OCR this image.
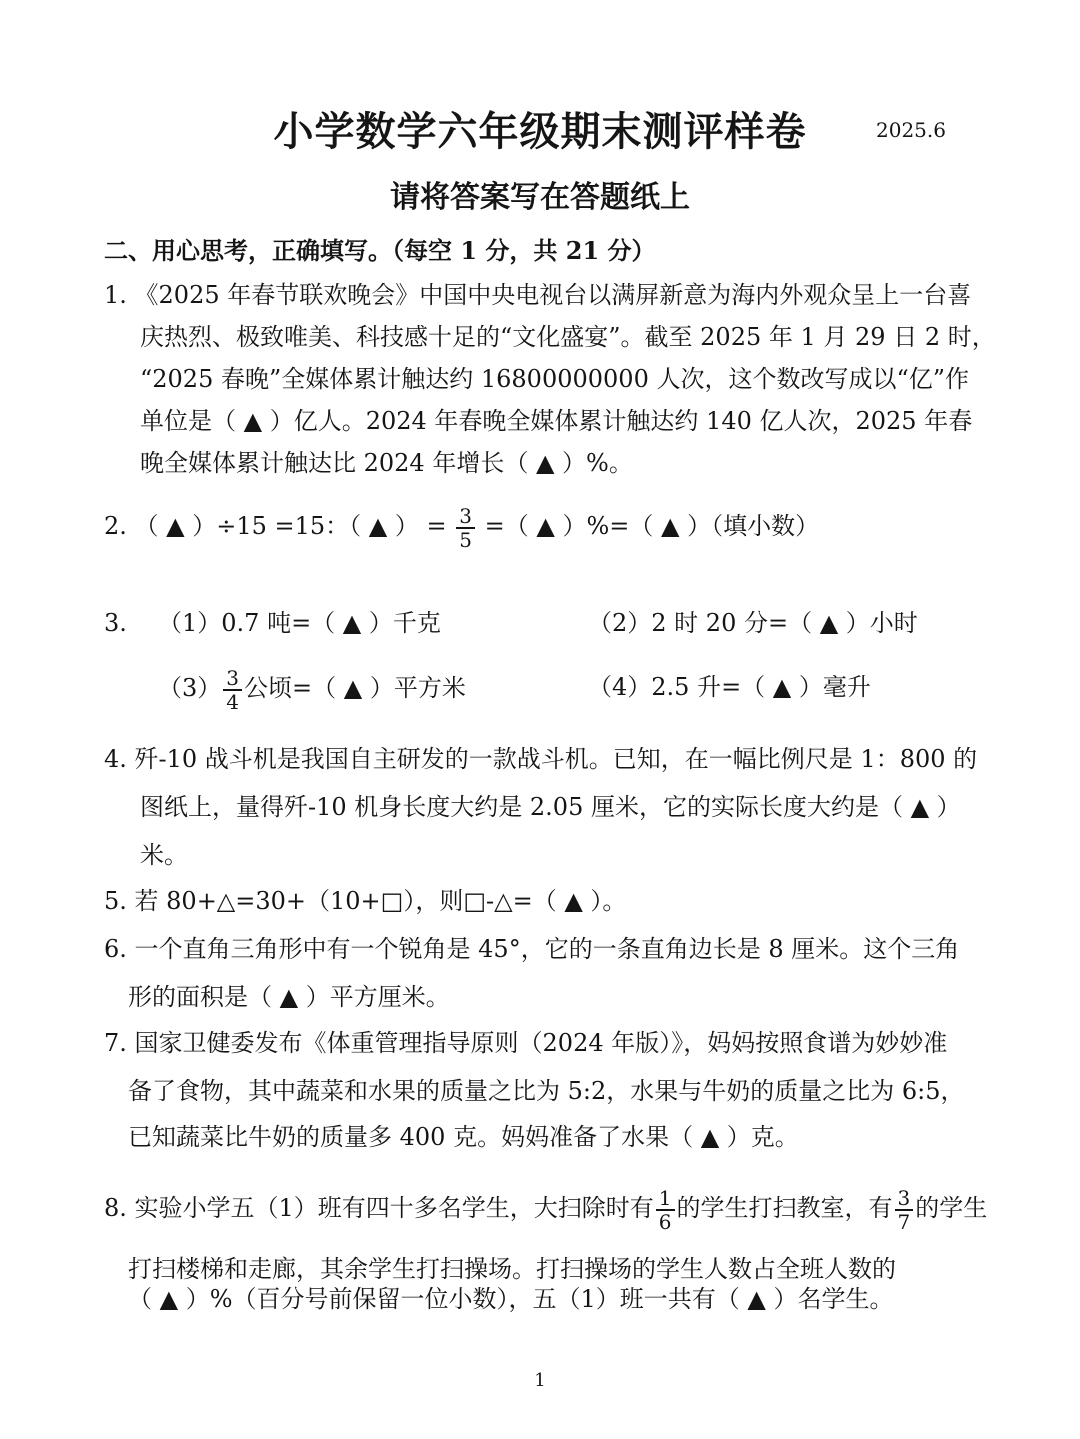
小学数学六年级期末测评样卷	2025.6
请将答案写在答题纸上
二、用心思考，正确填写。（每空 1 分，共 21 分）
1. 《2025 年春节联欢晚会》中国中央电视台以满屏新意为海内外观众呈上一台喜
庆热烈、极致唯美、科技感十足的“文化盛宴”。截至 2025 年 1 月 29 日 2 时，
“2025 春晚”全媒体累计触达约 16800000000 人次，这个数改写成以“亿”作
单位是（ ▲ ）亿人。2024 年春晚全媒体累计触达约 140 亿人次，2025 年春
晚全媒体累计触达比 2024 年增长（ ▲ ）%。
2. （ ▲ ）÷15 =15：（ ▲ ） = $\frac{3}{5}$ =（ ▲ ）%=（ ▲ ）（填小数）
3. （1）0.7 吨=（ ▲ ）千克	（2）2 时 20 分=（ ▲ ）小时
$(3) \frac{3}{4}$ 公顷=（ ▲ ）平方米	（4）2.5 升=（ ▲ ）毫升
4. 歼-10 战斗机是我国自主研发的一款战斗机。已知，在一幅比例尺是 1：800 的
图纸上，量得歼-10 机身长度大约是 2.05 厘米，它的实际长度大约是（ ▲ ）
米。
5. 若 80+△=30+（10+□），则□-△=（ ▲ ）。
6. 一个直角三角形中有一个锐角是 45°，它的一条直角边长是 8 厘米。这个三角
形的面积是（ ▲ ）平方厘米。
7. 国家卫健委发布《体重管理指导原则（2024 年版）》，妈妈按照食谱为妙妙准
备了食物，其中蔬菜和水果的质量之比为 5:2，水果与牛奶的质量之比为 6:5，
已知蔬菜比牛奶的质量多 400 克。妈妈准备了水果（ ▲ ）克。
8. 实验小学五（1）班有四十多名学生，大扫除时有 $\frac{1}{6}$ 的学生打扫教室，有 $\frac{3}{7}$ 的学生
打扫楼梯和走廊，其余学生打扫操场。打扫操场的学生人数占全班人数的
（ ▲ ）%（百分号前保留一位小数），五（1）班一共有（ ▲ ）名学生。
1
